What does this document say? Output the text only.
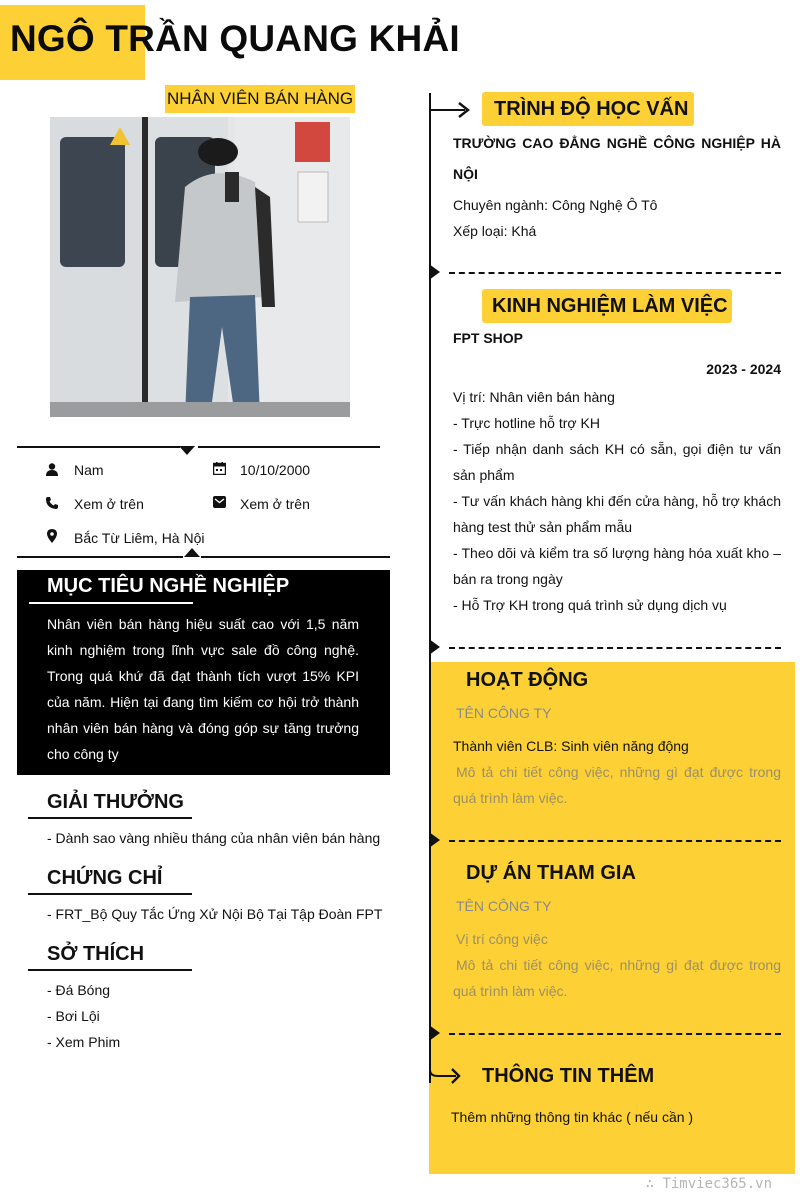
NGÔ TRẦN QUANG KHẢI
NHÂN VIÊN BÁN HÀNG
Nam	10/10/2000
Xem ở trên	Xem ở trên
Bắc Từ Liêm, Hà Nội
MỤC TIÊU NGHỀ NGHIỆP
Nhân viên bán hàng hiệu suất cao với 1,5 năm kinh nghiệm trong lĩnh vực sale đồ công nghệ. Trong quá khứ đã đạt thành tích vượt 15% KPI của năm. Hiện tại đang tìm kiếm cơ hội trở thành nhân viên bán hàng và đóng góp sự tăng trưởng cho công ty
GIẢI THƯỞNG
- Dành sao vàng nhiều tháng của nhân viên bán hàng
CHỨNG CHỈ
- FRT_Bộ Quy Tắc Ứng Xử Nội Bộ Tại Tập Đoàn FPT
SỞ THÍCH
- Đá Bóng
- Bơi Lội
- Xem Phim
TRÌNH ĐỘ HỌC VẤN
TRƯỜNG CAO ĐẲNG NGHỀ CÔNG NGHIỆP HÀ NỘI
Chuyên ngành: Công Nghệ Ô Tô
Xếp loại: Khá
KINH NGHIỆM LÀM VIỆC
FPT SHOP
2023 - 2024
Vị trí: Nhân viên bán hàng
- Trực hotline hỗ trợ KH
- Tiếp nhận danh sách KH có sẵn, gọi điện tư vấn sản phẩm
- Tư vấn khách hàng khi đến cửa hàng, hỗ trợ khách hàng test thử sản phẩm mẫu
- Theo dõi và kiểm tra số lượng hàng hóa xuất kho – bán ra trong ngày
- Hỗ Trợ KH trong quá trình sử dụng dịch vụ
HOẠT ĐỘNG
TÊN CÔNG TY
Thành viên CLB: Sinh viên năng động
Mô tả chi tiết công việc, những gì đạt được trong quá trình làm việc.
DỰ ÁN THAM GIA
TÊN CÔNG TY
Vị trí công việc
Mô tả chi tiết công việc, những gì đạt được trong quá trình làm việc.
THÔNG TIN THÊM
Thêm những thông tin khác ( nếu cần )
∴ Timviec365.vn
